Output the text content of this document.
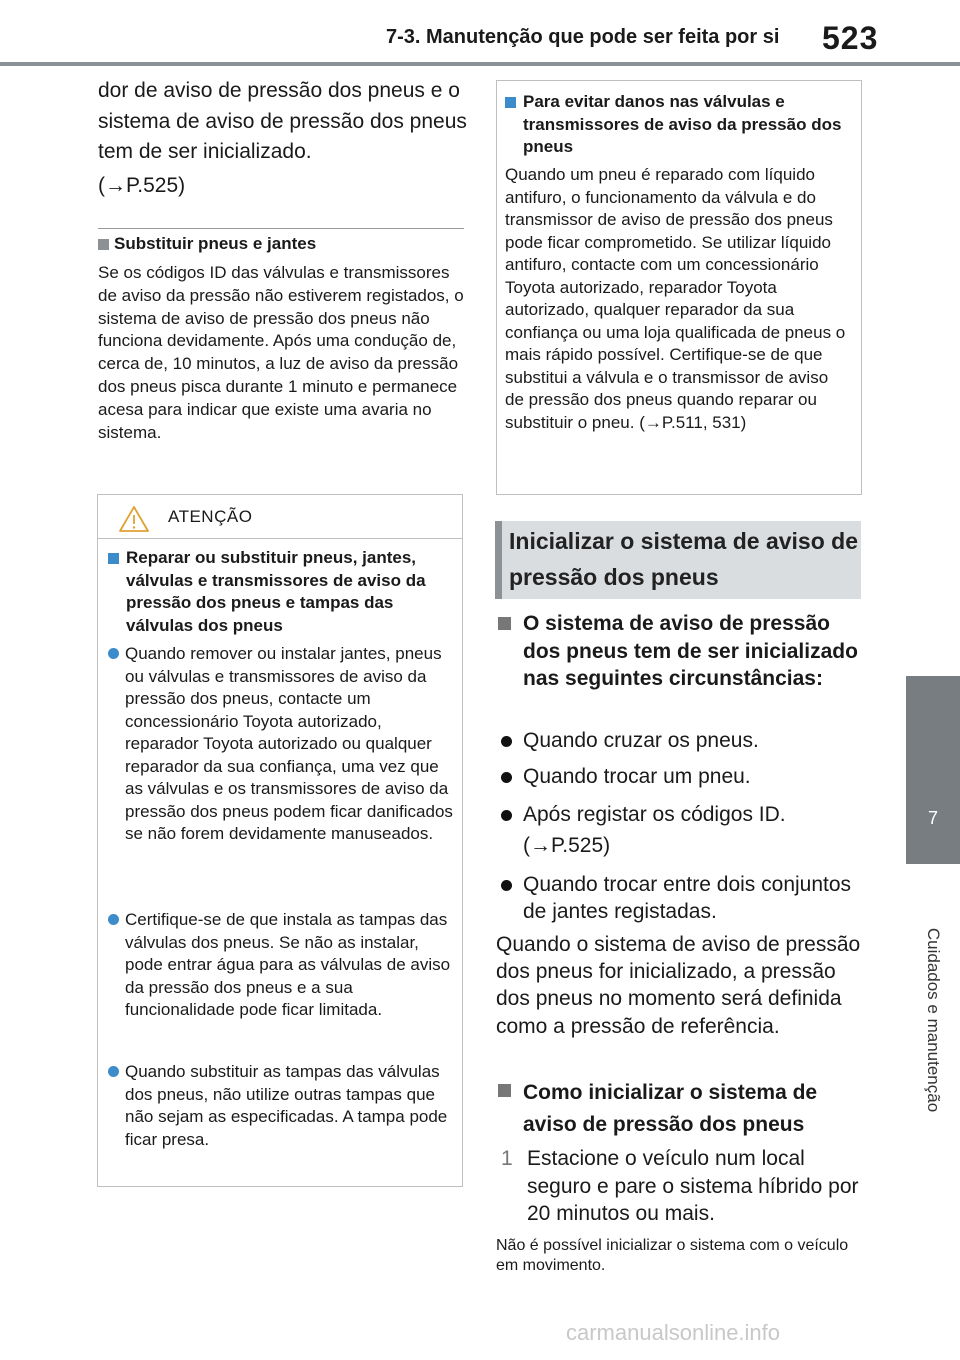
7-3. Manutenção que pode ser feita por si 523
7
Cuidados e manutenção
dor de aviso de pressão dos pneus e o sistema de aviso de pressão dos pneus tem de ser inicializado.
(→P.525)
Substituir pneus e jantes
Se os códigos ID das válvulas e transmissores de aviso da pressão não estiverem registados, o sistema de aviso de pressão dos pneus não funciona devidamente. Após uma condução de, cerca de, 10 minutos, a luz de aviso da pressão dos pneus pisca durante 1 minuto e permanece acesa para indicar que existe uma avaria no sistema.
ATENÇÃO
Reparar ou substituir pneus, jantes, válvulas e transmissores de aviso da pressão dos pneus e tampas das válvulas dos pneus
Quando remover ou instalar jantes, pneus ou válvulas e transmissores de aviso da pressão dos pneus, contacte um concessionário Toyota autorizado, reparador Toyota autorizado ou qualquer reparador da sua confiança, uma vez que as válvulas e os transmissores de aviso da pressão dos pneus podem ficar danificados se não forem devidamente manuseados.
Certifique-se de que instala as tampas das válvulas dos pneus. Se não as instalar, pode entrar água para as válvulas de aviso da pressão dos pneus e a sua funcionalidade pode ficar limitada.
Quando substituir as tampas das válvulas dos pneus, não utilize outras tampas que não sejam as especificadas. A tampa pode ficar presa.
Para evitar danos nas válvulas e transmissores de aviso da pressão dos pneus
Quando um pneu é reparado com líquido antifuro, o funcionamento da válvula e do transmissor de aviso de pressão dos pneus pode ficar comprometido. Se utilizar líquido antifuro, contacte com um concessionário Toyota autorizado, reparador Toyota autorizado, qualquer reparador da sua confiança ou uma loja qualificada de pneus o mais rápido possível. Certifique-se de que substitui a válvula e o transmissor de aviso de pressão dos pneus quando reparar ou substituir o pneu. (→P.511, 531)
Inicializar o sistema de aviso de pressão dos pneus
O sistema de aviso de pressão dos pneus tem de ser inicializado nas seguintes circunstâncias:
Quando cruzar os pneus.
Quando trocar um pneu.
Após registar os códigos ID.
(→P.525)
Quando trocar entre dois conjuntos de jantes registadas.
Quando o sistema de aviso de pressão dos pneus for inicializado, a pressão dos pneus no momento será definida como a pressão de referência.
Como inicializar o sistema de aviso de pressão dos pneus
1 Estacione o veículo num local seguro e pare o sistema híbrido por 20 minutos ou mais.
Não é possível inicializar o sistema com o veículo em movimento.
carmanualsonline.info
